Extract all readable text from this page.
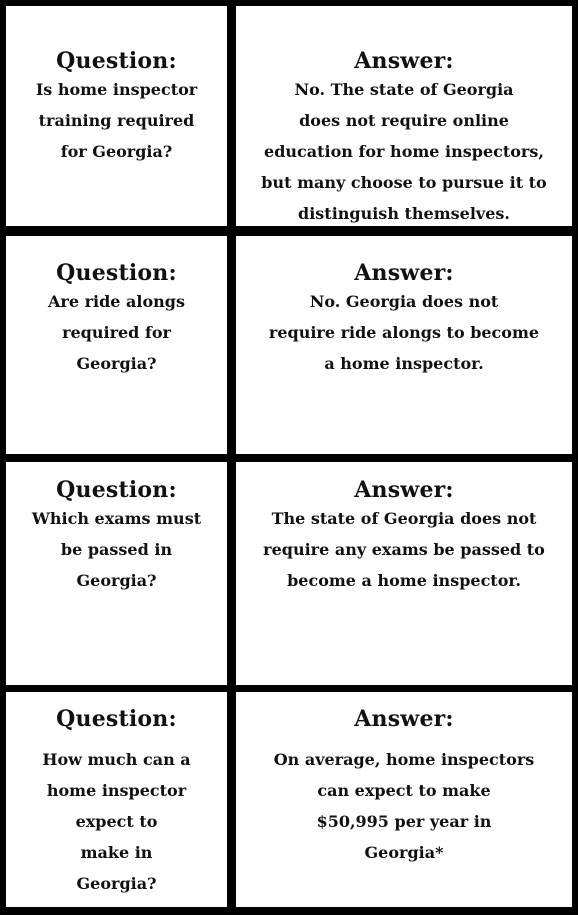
Question:
Is home inspector
training required
for Georgia?
Answer:
No. The state of Georgia
does not require online
education for home inspectors,
but many choose to pursue it to
distinguish themselves.
Question:
Are ride alongs
required for
Georgia?
Answer:
No. Georgia does not
require ride alongs to become
a home inspector.
Question:
Which exams must
be passed in
Georgia?
Answer:
The state of Georgia does not
require any exams be passed to
become a home inspector.
Question:
How much can a
home inspector
expect to
make in
Georgia?
Answer:
On average, home inspectors
can expect to make
$50,995 per year in
Georgia*
